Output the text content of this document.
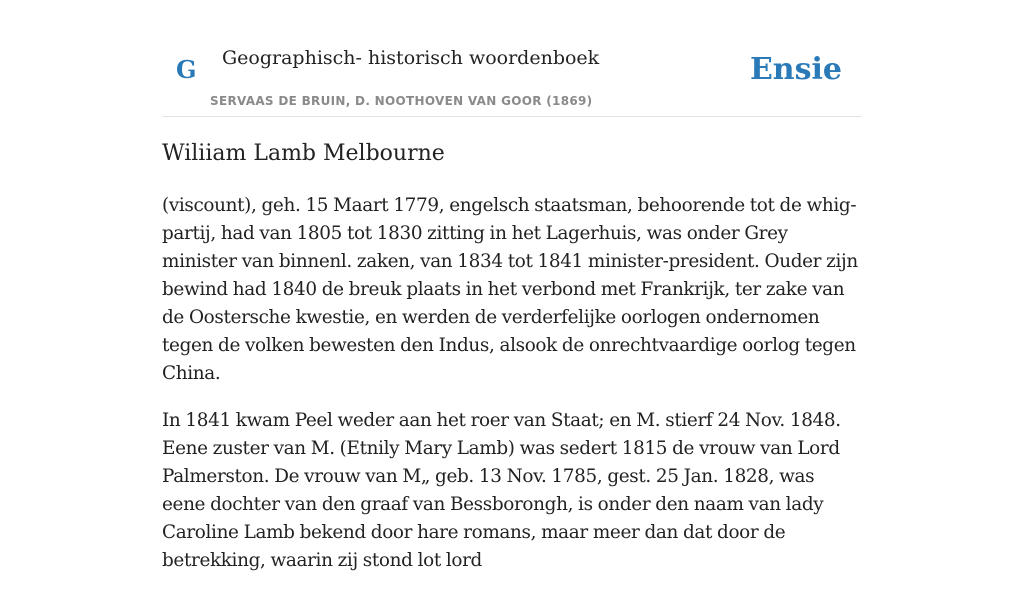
G Geographisch- historisch woordenboek
SERVAAS DE BRUIN, D. NOOTHOVEN VAN GOOR (1869)
Ensie
Wiliiam Lamb Melbourne

(viscount), geh. 15 Maart 1779, engelsch staatsman, behoorende tot de whig-partij, had van 1805 tot 1830 zitting in het Lagerhuis, was onder Grey minister van binnenl. zaken, van 1834 tot 1841 minister-president. Ouder zijn bewind had 1840 de breuk plaats in het verbond met Frankrijk, ter zake van de Oostersche kwestie, en werden de verderfelijke oorlogen ondernomen tegen de volken bewesten den Indus, alsook de onrechtvaardige oorlog tegen China.

In 1841 kwam Peel weder aan het roer van Staat; en M. stierf 24 Nov. 1848. Eene zuster van M. (Etnily Mary Lamb) was sedert 1815 de vrouw van Lord Palmerston. De vrouw van M„ geb. 13 Nov. 1785, gest. 25 Jan. 1828, was eene dochter van den graaf van Bessborongh, is onder den naam van lady Caroline Lamb bekend door hare romans, maar meer dan dat door de betrekking, waarin zij stond lot lord
